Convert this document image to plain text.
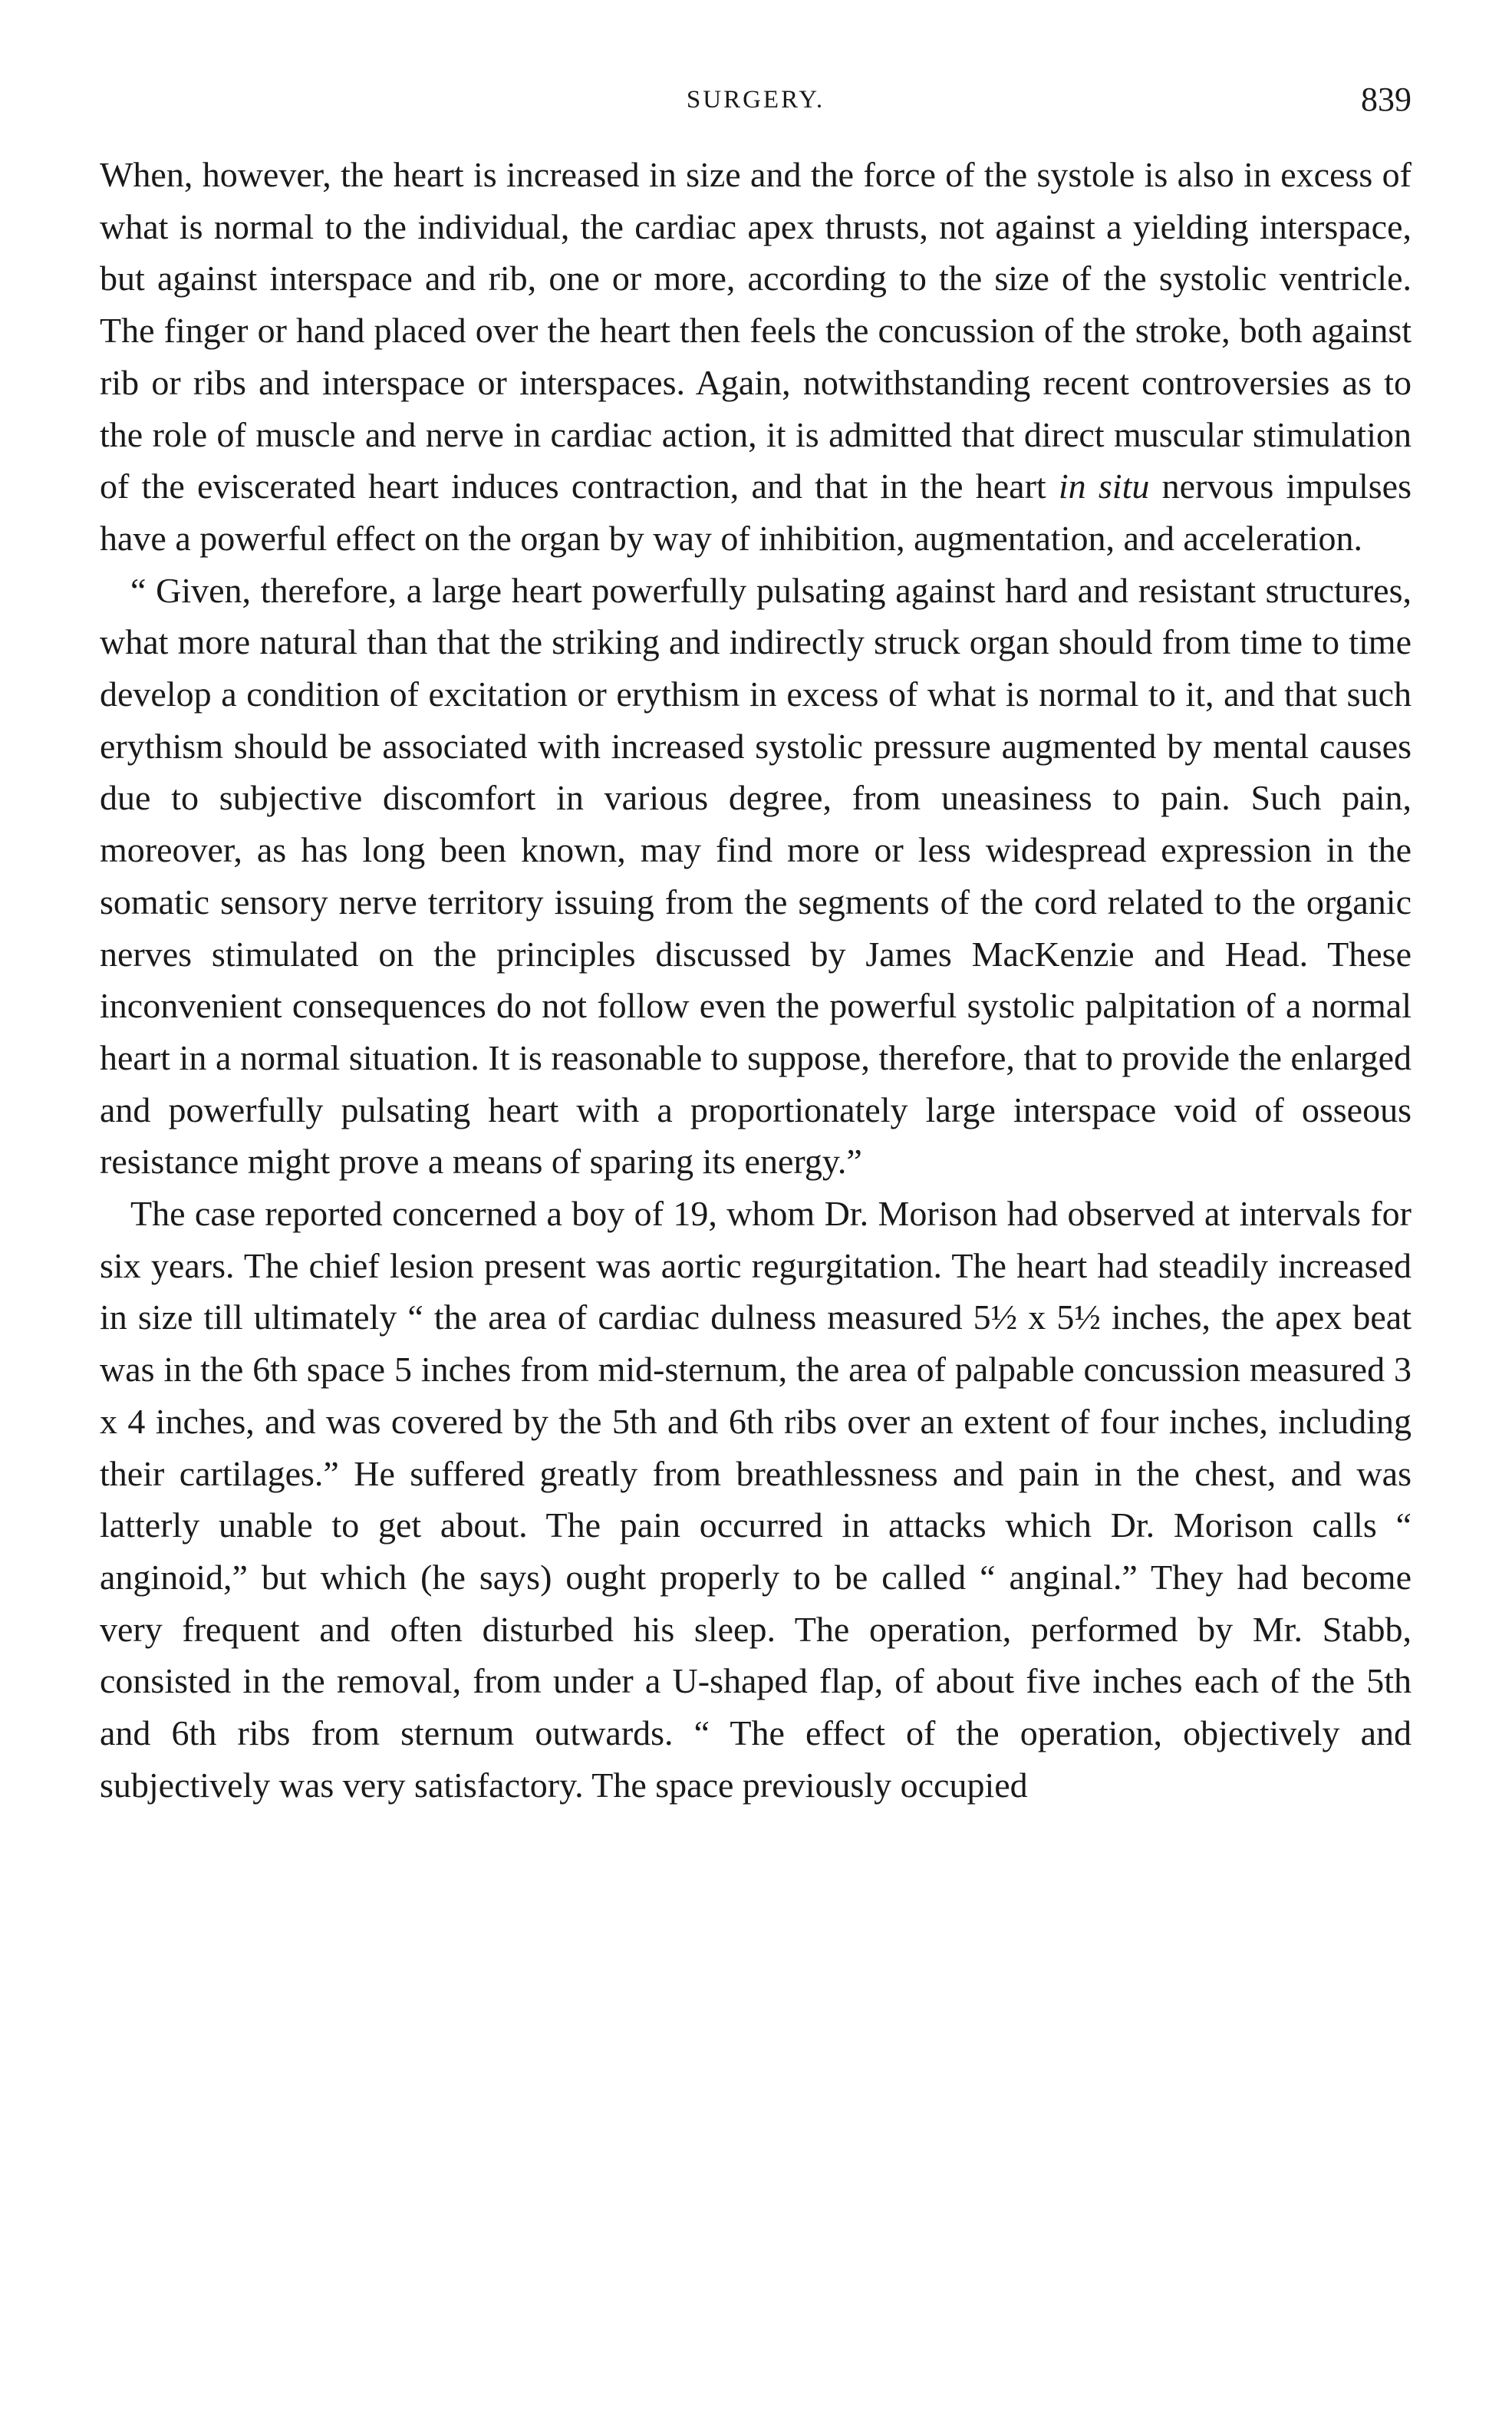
SURGERY.	839

When, however, the heart is increased in size and the force of the systole is also in excess of what is normal to the individual, the cardiac apex thrusts, not against a yielding interspace, but against interspace and rib, one or more, according to the size of the systolic ventricle. The finger or hand placed over the heart then feels the concussion of the stroke, both against rib or ribs and interspace or interspaces. Again, notwithstanding recent controversies as to the role of muscle and nerve in cardiac action, it is admitted that direct muscular stimulation of the eviscerated heart induces contraction, and that in the heart in situ nervous impulses have a powerful effect on the organ by way of inhibition, augmentation, and acceleration.

“ Given, therefore, a large heart powerfully pulsating against hard and resistant structures, what more natural than that the striking and indirectly struck organ should from time to time develop a condition of excitation or erythism in excess of what is normal to it, and that such erythism should be associated with increased systolic pressure augmented by mental causes due to subjective discomfort in various degree, from uneasiness to pain. Such pain, moreover, as has long been known, may find more or less widespread expression in the somatic sensory nerve territory issuing from the segments of the cord related to the organic nerves stimulated on the principles discussed by James MacKenzie and Head. These inconvenient consequences do not follow even the powerful systolic palpitation of a normal heart in a normal situation. It is reasonable to suppose, therefore, that to provide the enlarged and powerfully pulsating heart with a proportionately large interspace void of osseous resistance might prove a means of sparing its energy.”

The case reported concerned a boy of 19, whom Dr. Morison had observed at intervals for six years. The chief lesion present was aortic regurgitation. The heart had steadily increased in size till ultimately “ the area of cardiac dulness measured 5½ x 5½ inches, the apex beat was in the 6th space 5 inches from mid-sternum, the area of palpable concussion measured 3 x 4 inches, and was covered by the 5th and 6th ribs over an extent of four inches, including their cartilages.” He suffered greatly from breathlessness and pain in the chest, and was latterly unable to get about. The pain occurred in attacks which Dr. Morison calls “ anginoid,” but which (he says) ought properly to be called “ anginal.” They had become very frequent and often disturbed his sleep. The operation, performed by Mr. Stabb, consisted in the removal, from under a U-shaped flap, of about five inches each of the 5th and 6th ribs from sternum outwards. “ The effect of the operation, objectively and subjectively was very satisfactory. The space previously occupied
